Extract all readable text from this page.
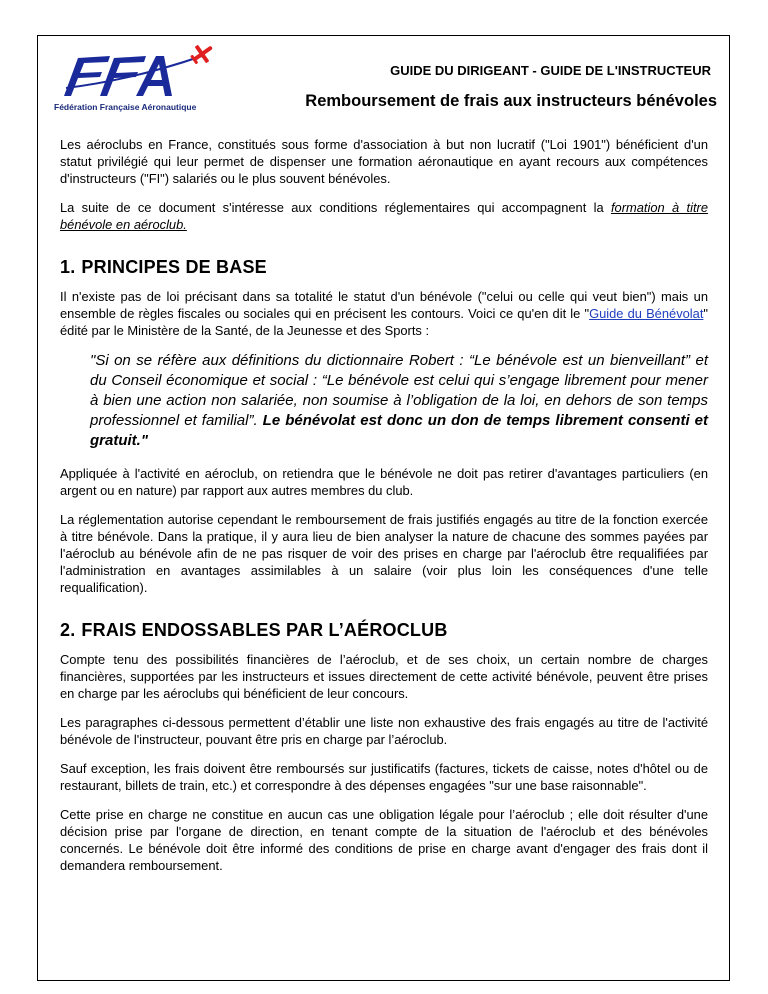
Fédération Française Aéronautique
GUIDE DU DIRIGEANT - GUIDE DE L'INSTRUCTEUR
Remboursement de frais aux instructeurs bénévoles

Les aéroclubs en France, constitués sous forme d'association à but non lucratif ("Loi 1901") bénéficient d'un statut privilégié qui leur permet de dispenser une formation aéronautique en ayant recours aux compétences d'instructeurs ("FI") salariés ou le plus souvent bénévoles.

La suite de ce document s'intéresse aux conditions réglementaires qui accompagnent la formation à titre bénévole en aéroclub.

1. PRINCIPES DE BASE

Il n'existe pas de loi précisant dans sa totalité le statut d'un bénévole ("celui ou celle qui veut bien") mais un ensemble de règles fiscales ou sociales qui en précisent les contours. Voici ce qu'en dit le "Guide du Bénévolat" édité par le Ministère de la Santé, de la Jeunesse et des Sports :

"Si on se réfère aux définitions du dictionnaire Robert : “Le bénévole est un bienveillant” et du Conseil économique et social : “Le bénévole est celui qui s’engage librement pour mener à bien une action non salariée, non soumise à l’obligation de la loi, en dehors de son temps professionnel et familial”. Le bénévolat est donc un don de temps librement consenti et gratuit."

Appliquée à l'activité en aéroclub, on retiendra que le bénévole ne doit pas retirer d'avantages particuliers (en argent ou en nature) par rapport aux autres membres du club.

La réglementation autorise cependant le remboursement de frais justifiés engagés au titre de la fonction exercée à titre bénévole. Dans la pratique, il y aura lieu de bien analyser la nature de chacune des sommes payées par l'aéroclub au bénévole afin de ne pas risquer de voir des prises en charge par l'aéroclub être requalifiées par l'administration en avantages assimilables à un salaire (voir plus loin les conséquences d'une telle requalification).

2. FRAIS ENDOSSABLES PAR L’AÉROCLUB

Compte tenu des possibilités financières de l’aéroclub, et de ses choix, un certain nombre de charges financières, supportées par les instructeurs et issues directement de cette activité bénévole, peuvent être prises en charge par les aéroclubs qui bénéficient de leur concours.

Les paragraphes ci-dessous permettent d’établir une liste non exhaustive des frais engagés au titre de l'activité bénévole de l'instructeur, pouvant être pris en charge par l’aéroclub.

Sauf exception, les frais doivent être remboursés sur justificatifs (factures, tickets de caisse, notes d'hôtel ou de restaurant, billets de train, etc.) et correspondre à des dépenses engagées "sur une base raisonnable".

Cette prise en charge ne constitue en aucun cas une obligation légale pour l’aéroclub ; elle doit résulter d'une décision prise par l'organe de direction, en tenant compte de la situation de l'aéroclub et des bénévoles concernés. Le bénévole doit être informé des conditions de prise en charge avant d'engager des frais dont il demandera remboursement.
